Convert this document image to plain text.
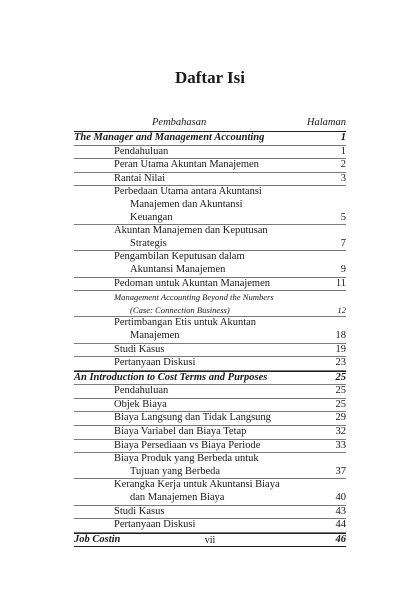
Daftar Isi
Pembahasan	Halaman
The Manager and Management Accounting	1
Pendahuluan	1
Peran Utama Akuntan Manajemen	2
Rantai Nilai	3
Perbedaan Utama antara Akuntansi
Manajemen dan Akuntansi
Keuangan	5
Akuntan Manajemen dan Keputusan
Strategis	7
Pengambilan Keputusan dalam
Akuntansi Manajemen	9
Pedoman untuk Akuntan Manajemen	11
Management Accounting Beyond the Numbers
(Case: Connection Business)	12
Pertimbangan Etis untuk Akuntan
Manajemen	18
Studi Kasus	19
Pertanyaan Diskusi	23
An Introduction to Cost Terms and Purposes	25
Pendahuluan	25
Objek Biaya	25
Biaya Langsung dan Tidak Langsung	29
Biaya Variabel dan Biaya Tetap	32
Biaya Persediaan vs Biaya Periode	33
Biaya Produk yang Berbeda untuk
Tujuan yang Berbeda	37
Kerangka Kerja untuk Akuntansi Biaya
dan Manajemen Biaya	40
Studi Kasus	43
Pertanyaan Diskusi	44
Job Costin	46
vii
